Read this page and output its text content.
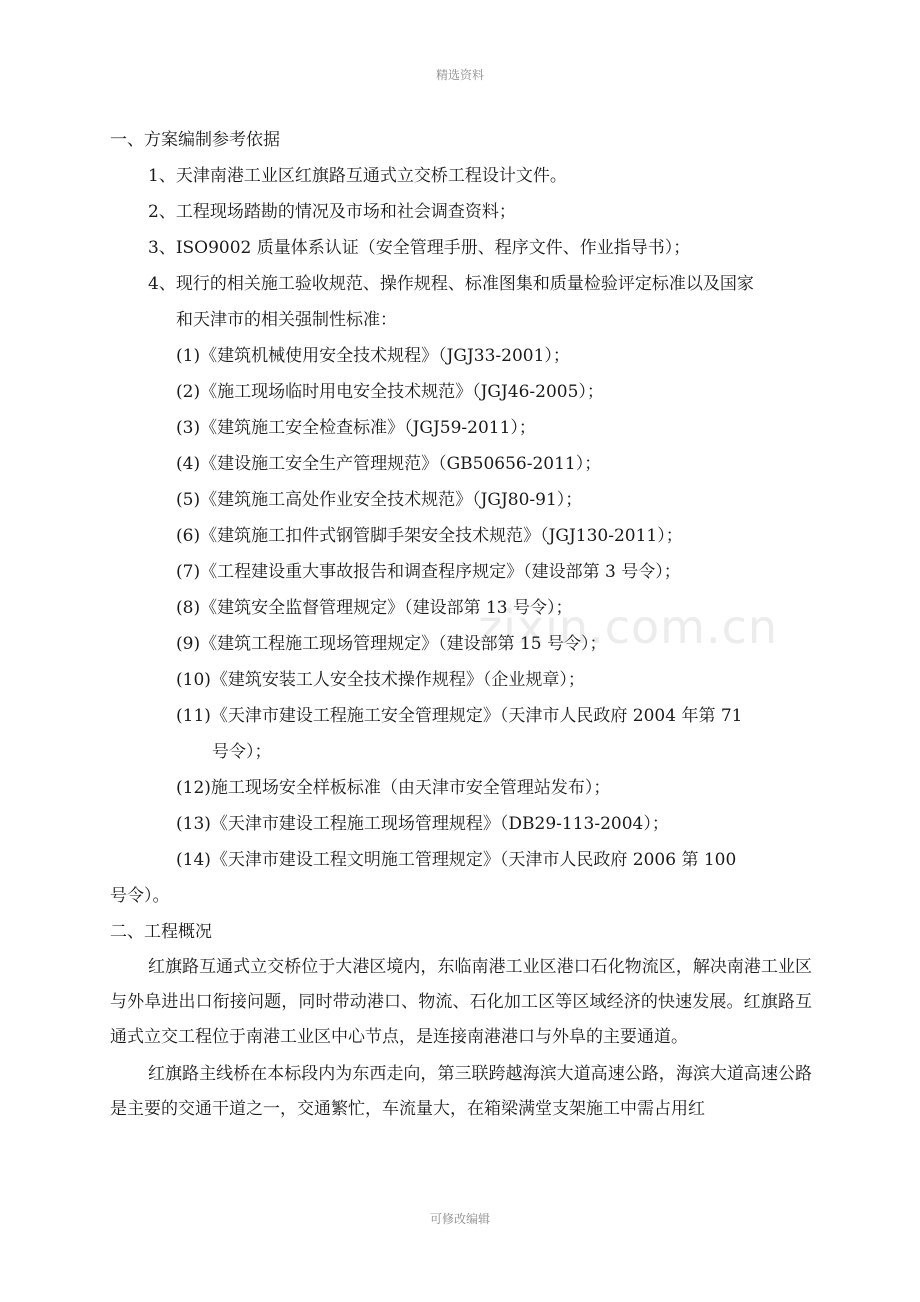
精选资料
zixin.com.cn
一、方案编制参考依据
1、天津南港工业区红旗路互通式立交桥工程设计文件。
2、工程现场踏勘的情况及市场和社会调查资料；
3、ISO9002 质量体系认证（安全管理手册、程序文件、作业指导书）；
4、现行的相关施工验收规范、操作规程、标准图集和质量检验评定标准以及国家
和天津市的相关强制性标准：
(1)《建筑机械使用安全技术规程》（JGJ33-2001）；
(2)《施工现场临时用电安全技术规范》（JGJ46-2005）；
(3)《建筑施工安全检查标准》（JGJ59-2011）；
(4)《建设施工安全生产管理规范》（GB50656-2011）；
(5)《建筑施工高处作业安全技术规范》（JGJ80-91）；
(6)《建筑施工扣件式钢管脚手架安全技术规范》（JGJ130-2011）；
(7)《工程建设重大事故报告和调查程序规定》（建设部第 3 号令）；
(8)《建筑安全监督管理规定》（建设部第 13 号令）；
(9)《建筑工程施工现场管理规定》（建设部第 15 号令）；
(10)《建筑安装工人安全技术操作规程》（企业规章）；
(11)《天津市建设工程施工安全管理规定》（天津市人民政府 2004 年第 71
号令）；
(12)施工现场安全样板标准（由天津市安全管理站发布）；
(13)《天津市建设工程施工现场管理规程》（DB29-113-2004）；
(14)《天津市建设工程文明施工管理规定》（天津市人民政府 2006 第 100
号令）。
二、工程概况
红旗路互通式立交桥位于大港区境内，东临南港工业区港口石化物流区，解决南港工业区与外阜进出口衔接问题，同时带动港口、物流、石化加工区等区域经济的快速发展。红旗路互通式立交工程位于南港工业区中心节点，是连接南港港口与外阜的主要通道。
红旗路主线桥在本标段内为东西走向，第三联跨越海滨大道高速公路，海滨大道高速公路是主要的交通干道之一，交通繁忙，车流量大，在箱梁满堂支架施工中需占用红
可修改编辑
